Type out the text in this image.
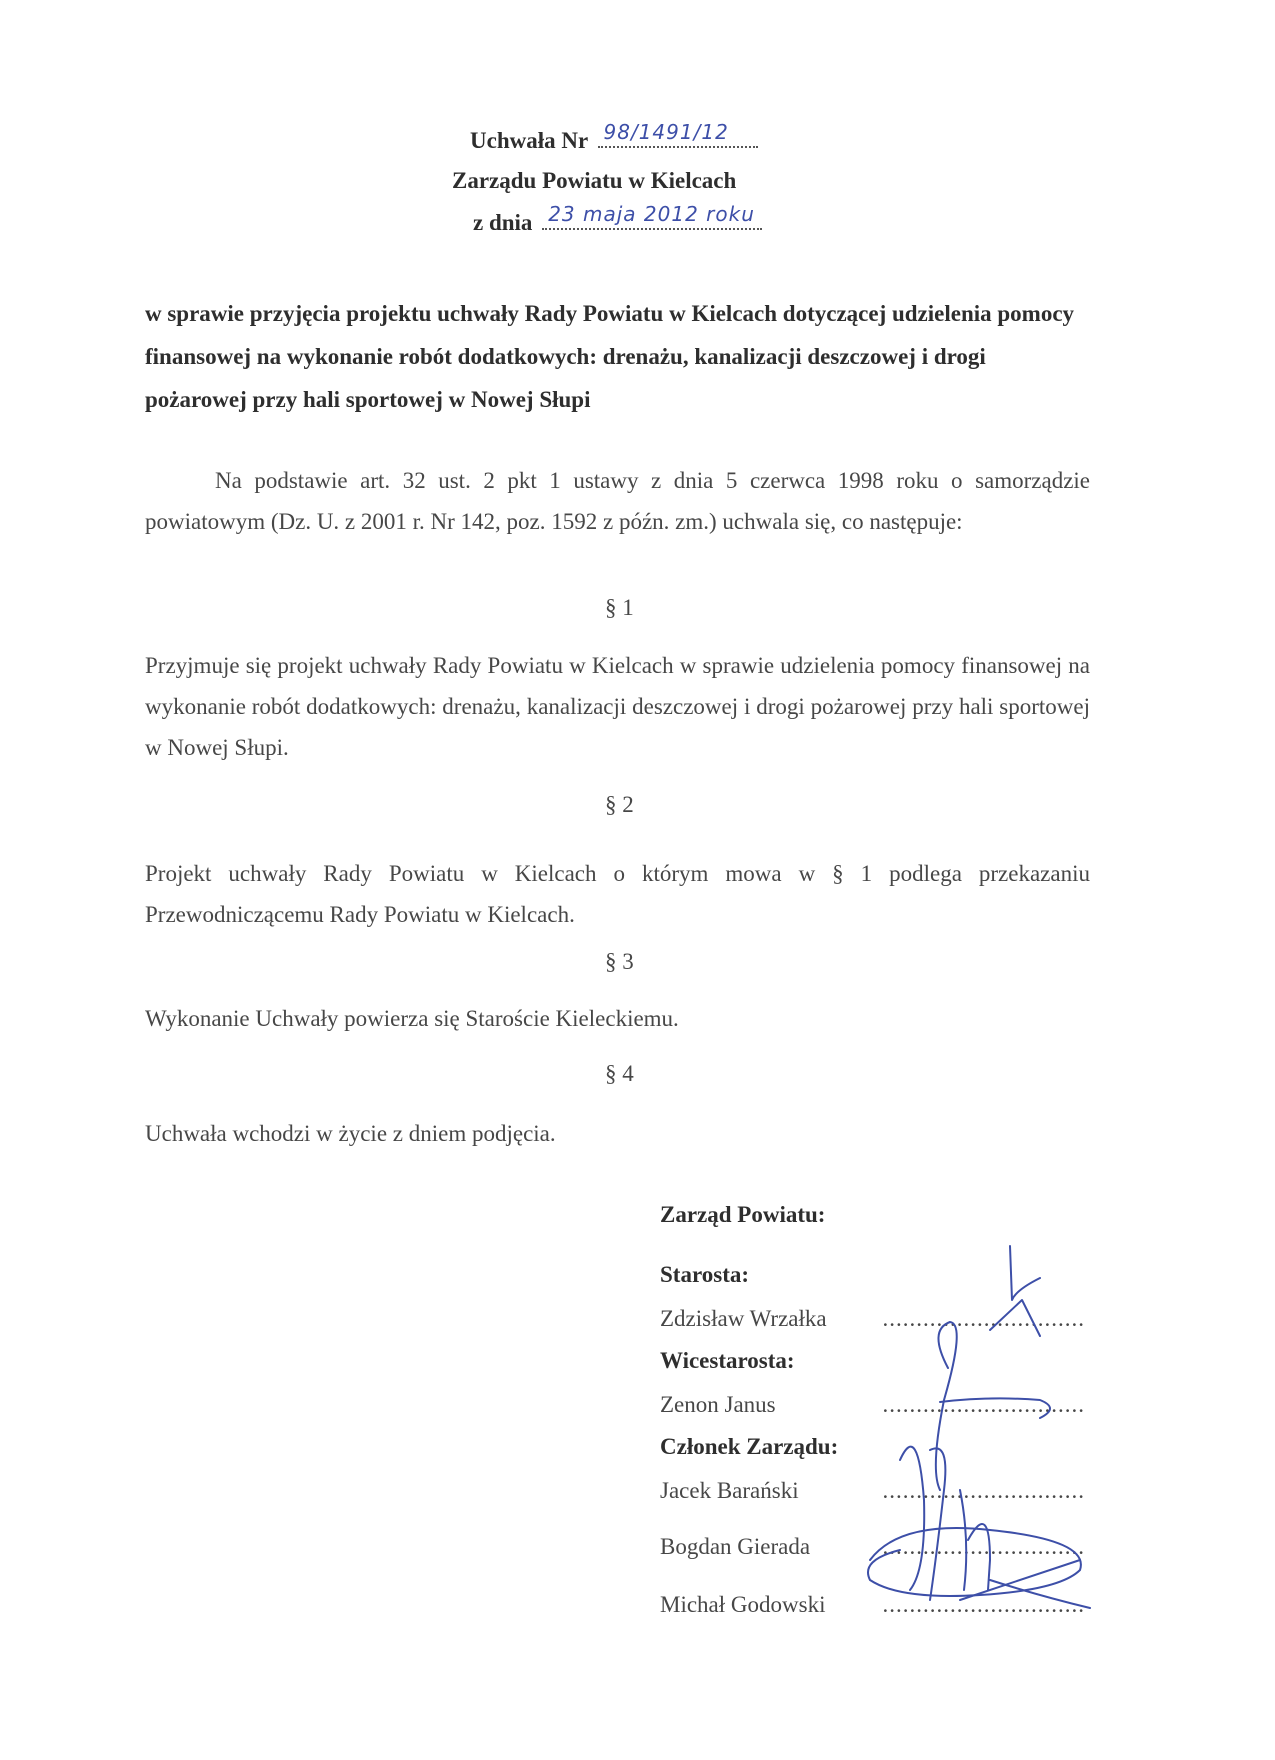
Uchwała Nr 98/1491/12
Zarządu Powiatu w Kielcach
z dnia 23 maja 2012 roku
w sprawie przyjęcia projektu uchwały Rady Powiatu w Kielcach dotyczącej udzielenia pomocy finansowej na wykonanie robót dodatkowych: drenażu, kanalizacji deszczowej i drogi pożarowej przy hali sportowej w Nowej Słupi
Na podstawie art. 32 ust. 2 pkt 1 ustawy z dnia 5 czerwca 1998 roku o samorządzie powiatowym (Dz. U. z 2001 r. Nr 142, poz. 1592 z późn. zm.) uchwala się, co następuje:
§ 1
Przyjmuje się projekt uchwały Rady Powiatu w Kielcach w sprawie udzielenia pomocy finansowej na wykonanie robót dodatkowych: drenażu, kanalizacji deszczowej i drogi pożarowej przy hali sportowej w Nowej Słupi.
§ 2
Projekt uchwały Rady Powiatu w Kielcach o którym mowa w § 1 podlega przekazaniu Przewodniczącemu Rady Powiatu w Kielcach.
§ 3
Wykonanie Uchwały powierza się Staroście Kieleckiemu.
§ 4
Uchwała wchodzi w życie z dniem podjęcia.
Zarząd Powiatu:
Starosta:
Zdzisław Wrzałka ..............................
Wicestarosta:
Zenon Janus	..............................
Członek Zarządu:
Jacek Barański	..............................
Bogdan Gierada	..............................
Michał Godowski ..............................
